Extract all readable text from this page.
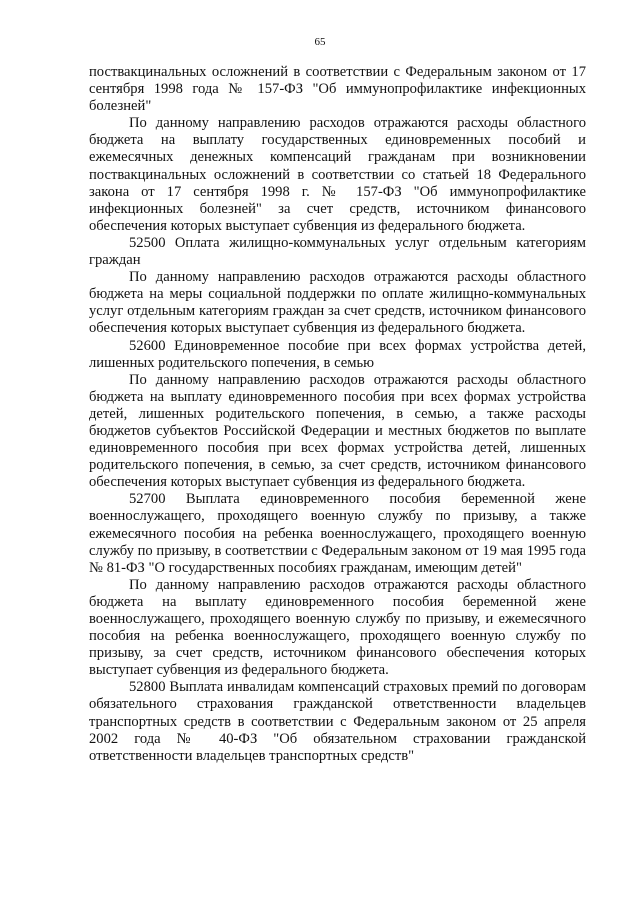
65

поствакцинальных осложнений в соответствии с Федеральным законом от 17 сентября 1998 года № 157-ФЗ "Об иммунопрофилактике инфекционных болезней"

По данному направлению расходов отражаются расходы областного бюджета на выплату государственных единовременных пособий и ежемесячных денежных компенсаций гражданам при возникновении поствакцинальных осложнений в соответствии со статьей 18 Федерального закона от 17 сентября 1998 г. № 157-ФЗ "Об иммунопрофилактике инфекционных болезней" за счет средств, источником финансового обеспечения которых выступает субвенция из федерального бюджета.

52500 Оплата жилищно-коммунальных услуг отдельным категориям граждан

По данному направлению расходов отражаются расходы областного бюджета на меры социальной поддержки по оплате жилищно-коммунальных услуг отдельным категориям граждан за счет средств, источником финансового обеспечения которых выступает субвенция из федерального бюджета.

52600 Единовременное пособие при всех формах устройства детей, лишенных родительского попечения, в семью

По данному направлению расходов отражаются расходы областного бюджета на выплату единовременного пособия при всех формах устройства детей, лишенных родительского попечения, в семью, а также расходы бюджетов субъектов Российской Федерации и местных бюджетов по выплате единовременного пособия при всех формах устройства детей, лишенных родительского попечения, в семью, за счет средств, источником финансового обеспечения которых выступает субвенция из федерального бюджета.

52700 Выплата единовременного пособия беременной жене военнослужащего, проходящего военную службу по призыву, а также ежемесячного пособия на ребенка военнослужащего, проходящего военную службу по призыву, в соответствии с Федеральным законом от 19 мая 1995 года № 81-ФЗ "О государственных пособиях гражданам, имеющим детей"

По данному направлению расходов отражаются расходы областного бюджета на выплату единовременного пособия беременной жене военнослужащего, проходящего военную службу по призыву, и ежемесячного пособия на ребенка военнослужащего, проходящего военную службу по призыву, за счет средств, источником финансового обеспечения которых выступает субвенция из федерального бюджета.

52800 Выплата инвалидам компенсаций страховых премий по договорам обязательного страхования гражданской ответственности владельцев транспортных средств в соответствии с Федеральным законом от 25 апреля 2002 года № 40-ФЗ "Об обязательном страховании гражданской ответственности владельцев транспортных средств"
